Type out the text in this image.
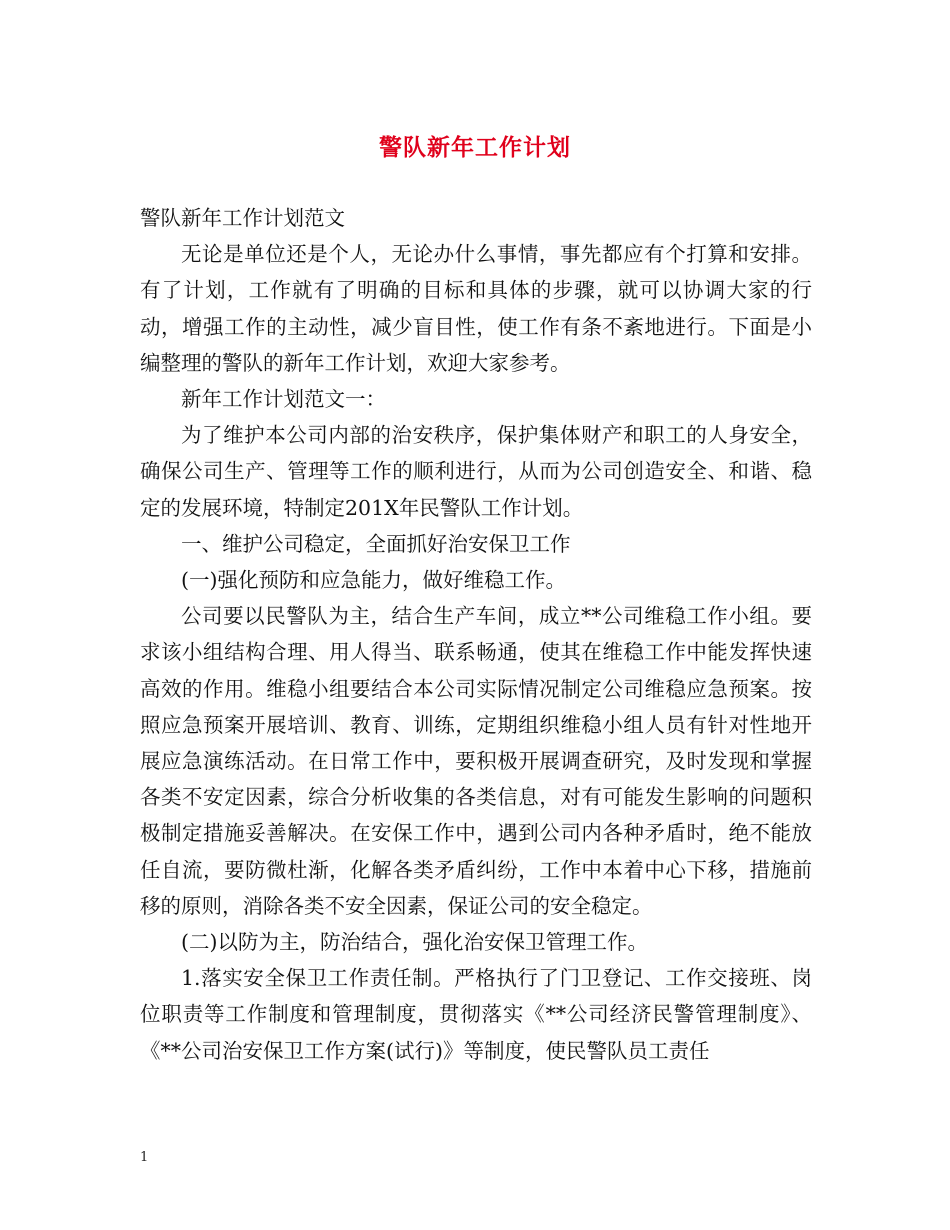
警队新年工作计划

警队新年工作计划范文

无论是单位还是个人，无论办什么事情，事先都应有个打算和安排。有了计划，工作就有了明确的目标和具体的步骤，就可以协调大家的行动，增强工作的主动性，减少盲目性，使工作有条不紊地进行。下面是小编整理的警队的新年工作计划，欢迎大家参考。

新年工作计划范文一：

为了维护本公司内部的治安秩序，保护集体财产和职工的人身安全，确保公司生产、管理等工作的顺利进行，从而为公司创造安全、和谐、稳定的发展环境，特制定201X年民警队工作计划。

一、维护公司稳定，全面抓好治安保卫工作

(一)强化预防和应急能力，做好维稳工作。

公司要以民警队为主，结合生产车间，成立**公司维稳工作小组。要求该小组结构合理、用人得当、联系畅通，使其在维稳工作中能发挥快速高效的作用。维稳小组要结合本公司实际情况制定公司维稳应急预案。按照应急预案开展培训、教育、训练，定期组织维稳小组人员有针对性地开展应急演练活动。在日常工作中，要积极开展调查研究，及时发现和掌握各类不安定因素，综合分析收集的各类信息，对有可能发生影响的问题积极制定措施妥善解决。在安保工作中，遇到公司内各种矛盾时，绝不能放任自流，要防微杜渐，化解各类矛盾纠纷，工作中本着中心下移，措施前移的原则，消除各类不安全因素，保证公司的安全稳定。

(二)以防为主，防治结合，强化治安保卫管理工作。

1.落实安全保卫工作责任制。严格执行了门卫登记、工作交接班、岗位职责等工作制度和管理制度，贯彻落实《**公司经济民警管理制度》、《**公司治安保卫工作方案(试行)》等制度，使民警队员工责任

1
